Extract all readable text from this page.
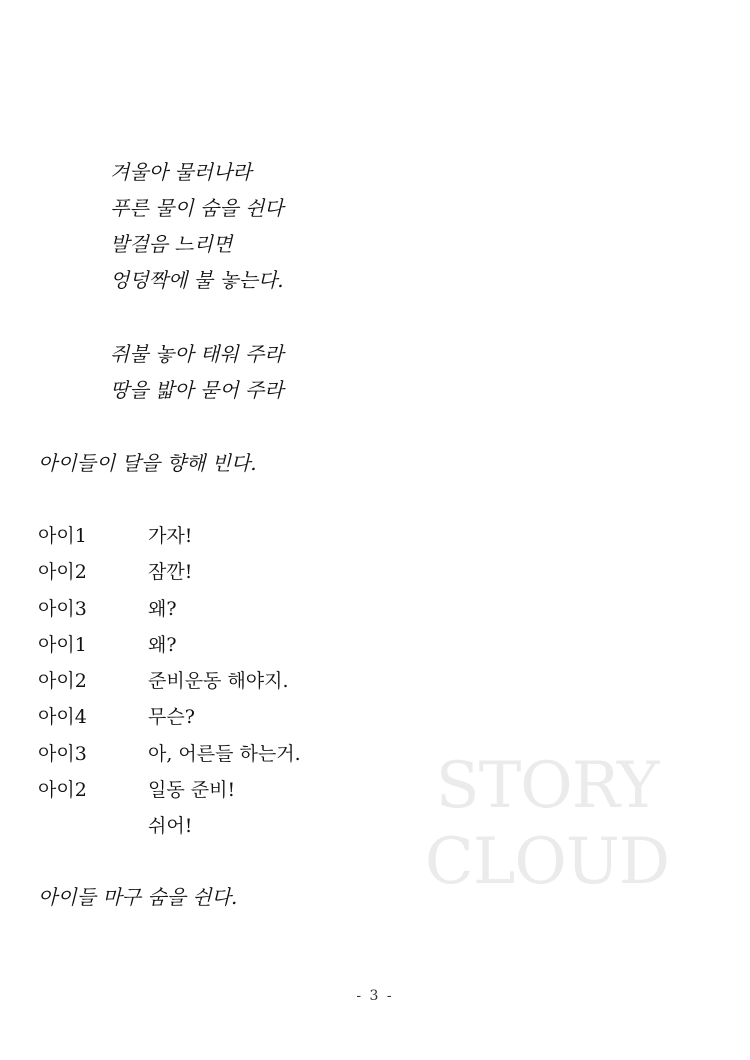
겨울아 물러나라
푸른 물이 숨을 쉰다
발걸음 느리면
엉덩짝에 불 놓는다.
쥐불 놓아 태워 주라
땅을 밟아 묻어 주라
아이들이 달을 향해 빈다.
아이1	가자!
아이2	잠깐!
아이3	왜?
아이1	왜?
아이2	준비운동 해야지.
아이4	무슨?
아이3	아, 어른들 하는거.
아이2	일동 준비!
쉬어!
아이들 마구 숨을 쉰다.
STORY
CLOUD
- 3 -
